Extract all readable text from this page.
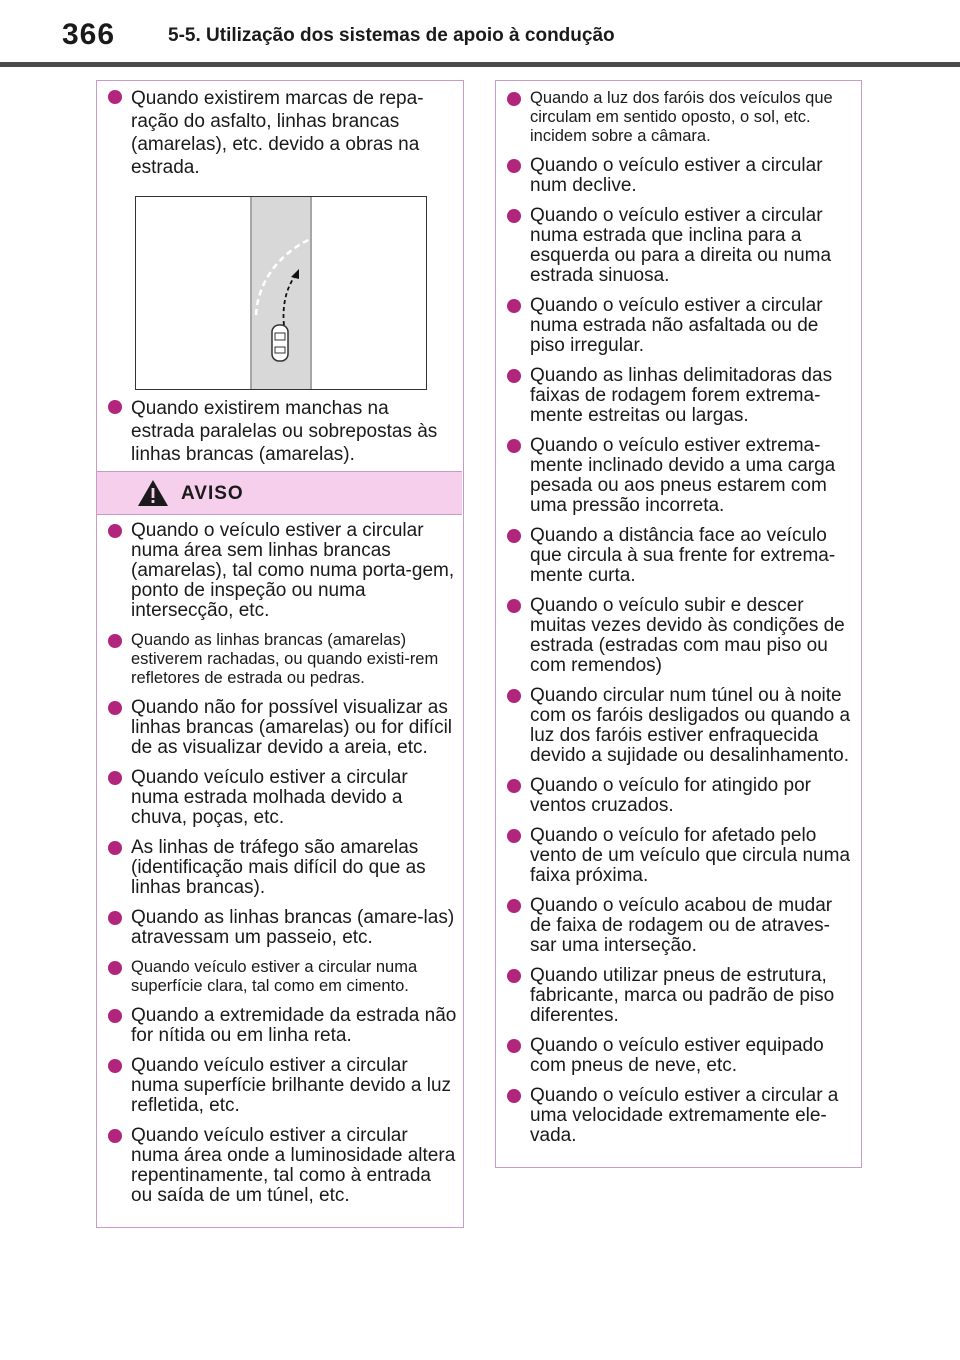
366	5-5. Utilização dos sistemas de apoio à condução
Quando existirem marcas de repa-ração do asfalto, linhas brancas (amarelas), etc. devido a obras na estrada.
Quando existirem manchas na estrada paralelas ou sobrepostas às linhas brancas (amarelas).
AVISO
Quando o veículo estiver a circular numa área sem linhas brancas (amarelas), tal como numa porta-gem, ponto de inspeção ou numa intersecção, etc.
Quando as linhas brancas (amarelas) estiverem rachadas, ou quando existi-rem refletores de estrada ou pedras.
Quando não for possível visualizar as linhas brancas (amarelas) ou for difícil de as visualizar devido a areia, etc.
Quando veículo estiver a circular numa estrada molhada devido a chuva, poças, etc.
As linhas de tráfego são amarelas (identificação mais difícil do que as linhas brancas).
Quando as linhas brancas (amare-las) atravessam um passeio, etc.
Quando veículo estiver a circular numa superfície clara, tal como em cimento.
Quando a extremidade da estrada não for nítida ou em linha reta.
Quando veículo estiver a circular numa superfície brilhante devido a luz refletida, etc.
Quando veículo estiver a circular numa área onde a luminosidade altera repentinamente, tal como à entrada ou saída de um túnel, etc.
Quando a luz dos faróis dos veículos que circulam em sentido oposto, o sol, etc. incidem sobre a câmara.
Quando o veículo estiver a circular num declive.
Quando o veículo estiver a circular numa estrada que inclina para a esquerda ou para a direita ou numa estrada sinuosa.
Quando o veículo estiver a circular numa estrada não asfaltada ou de piso irregular.
Quando as linhas delimitadoras das faixas de rodagem forem extrema-mente estreitas ou largas.
Quando o veículo estiver extrema-mente inclinado devido a uma carga pesada ou aos pneus estarem com uma pressão incorreta.
Quando a distância face ao veículo que circula à sua frente for extrema-mente curta.
Quando o veículo subir e descer muitas vezes devido às condições de estrada (estradas com mau piso ou com remendos)
Quando circular num túnel ou à noite com os faróis desligados ou quando a luz dos faróis estiver enfraquecida devido a sujidade ou desalinhamento.
Quando o veículo for atingido por ventos cruzados.
Quando o veículo for afetado pelo vento de um veículo que circula numa faixa próxima.
Quando o veículo acabou de mudar de faixa de rodagem ou de atraves-sar uma interseção.
Quando utilizar pneus de estrutura, fabricante, marca ou padrão de piso diferentes.
Quando o veículo estiver equipado com pneus de neve, etc.
Quando o veículo estiver a circular a uma velocidade extremamente ele-vada.
